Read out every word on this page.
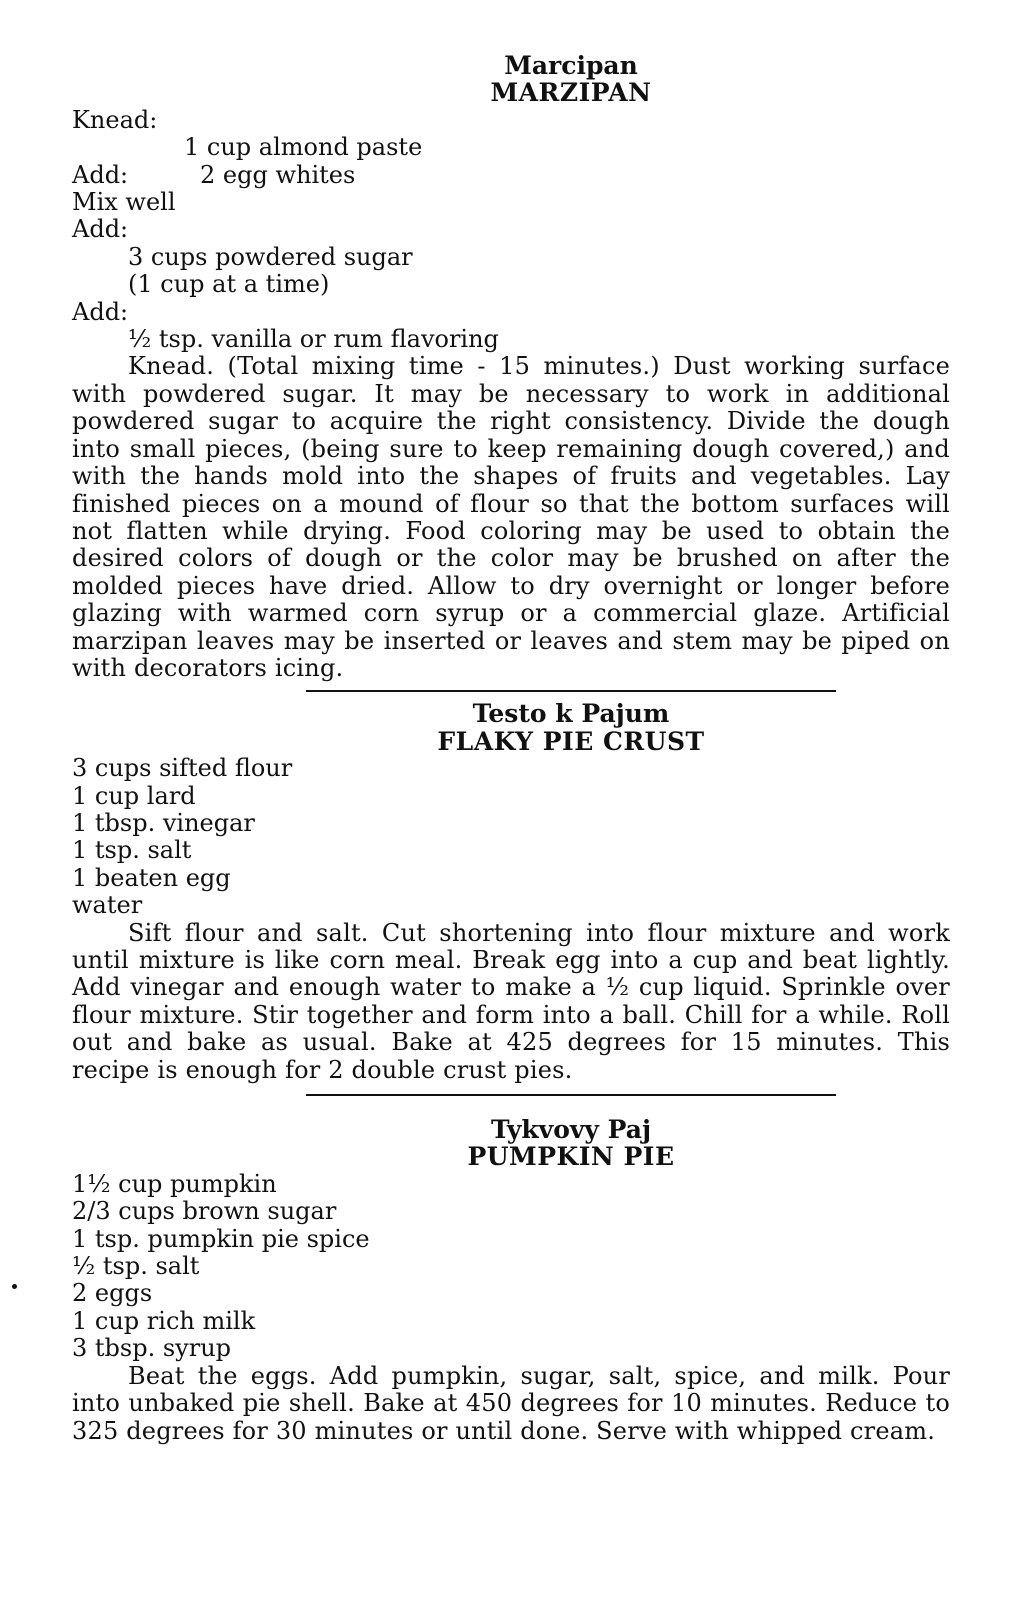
Marcipan
MARZIPAN
Knead:
1 cup almond paste
Add:	2 egg whites
Mix well
Add:
3 cups powdered sugar
(1 cup at a time)
Add:
½ tsp. vanilla or rum flavoring
Knead. (Total mixing time - 15 minutes.) Dust working surface with powdered sugar. It may be necessary to work in additional powdered sugar to acquire the right consistency. Divide the dough into small pieces, (being sure to keep remaining dough covered,) and with the hands mold into the shapes of fruits and vegetables. Lay finished pieces on a mound of flour so that the bottom surfaces will not flatten while drying. Food coloring may be used to obtain the desired colors of dough or the color may be brushed on after the molded pieces have dried. Allow to dry overnight or longer before glazing with warmed corn syrup or a commercial glaze. Artificial marzipan leaves may be inserted or leaves and stem may be piped on with decorators icing.
Testo k Pajum
FLAKY PIE CRUST
3 cups sifted flour
1 cup lard
1 tbsp. vinegar
1 tsp. salt
1 beaten egg
water
Sift flour and salt. Cut shortening into flour mixture and work until mixture is like corn meal. Break egg into a cup and beat lightly. Add vinegar and enough water to make a ½ cup liquid. Sprinkle over flour mixture. Stir together and form into a ball. Chill for a while. Roll out and bake as usual. Bake at 425 degrees for 15 minutes. This recipe is enough for 2 double crust pies.
Tykvovy Paj
PUMPKIN PIE
1½ cup pumpkin
2/3 cups brown sugar
1 tsp. pumpkin pie spice
½ tsp. salt
2 eggs
1 cup rich milk
3 tbsp. syrup
Beat the eggs. Add pumpkin, sugar, salt, spice, and milk. Pour into unbaked pie shell. Bake at 450 degrees for 10 minutes. Reduce to 325 degrees for 30 minutes or until done. Serve with whipped cream.
